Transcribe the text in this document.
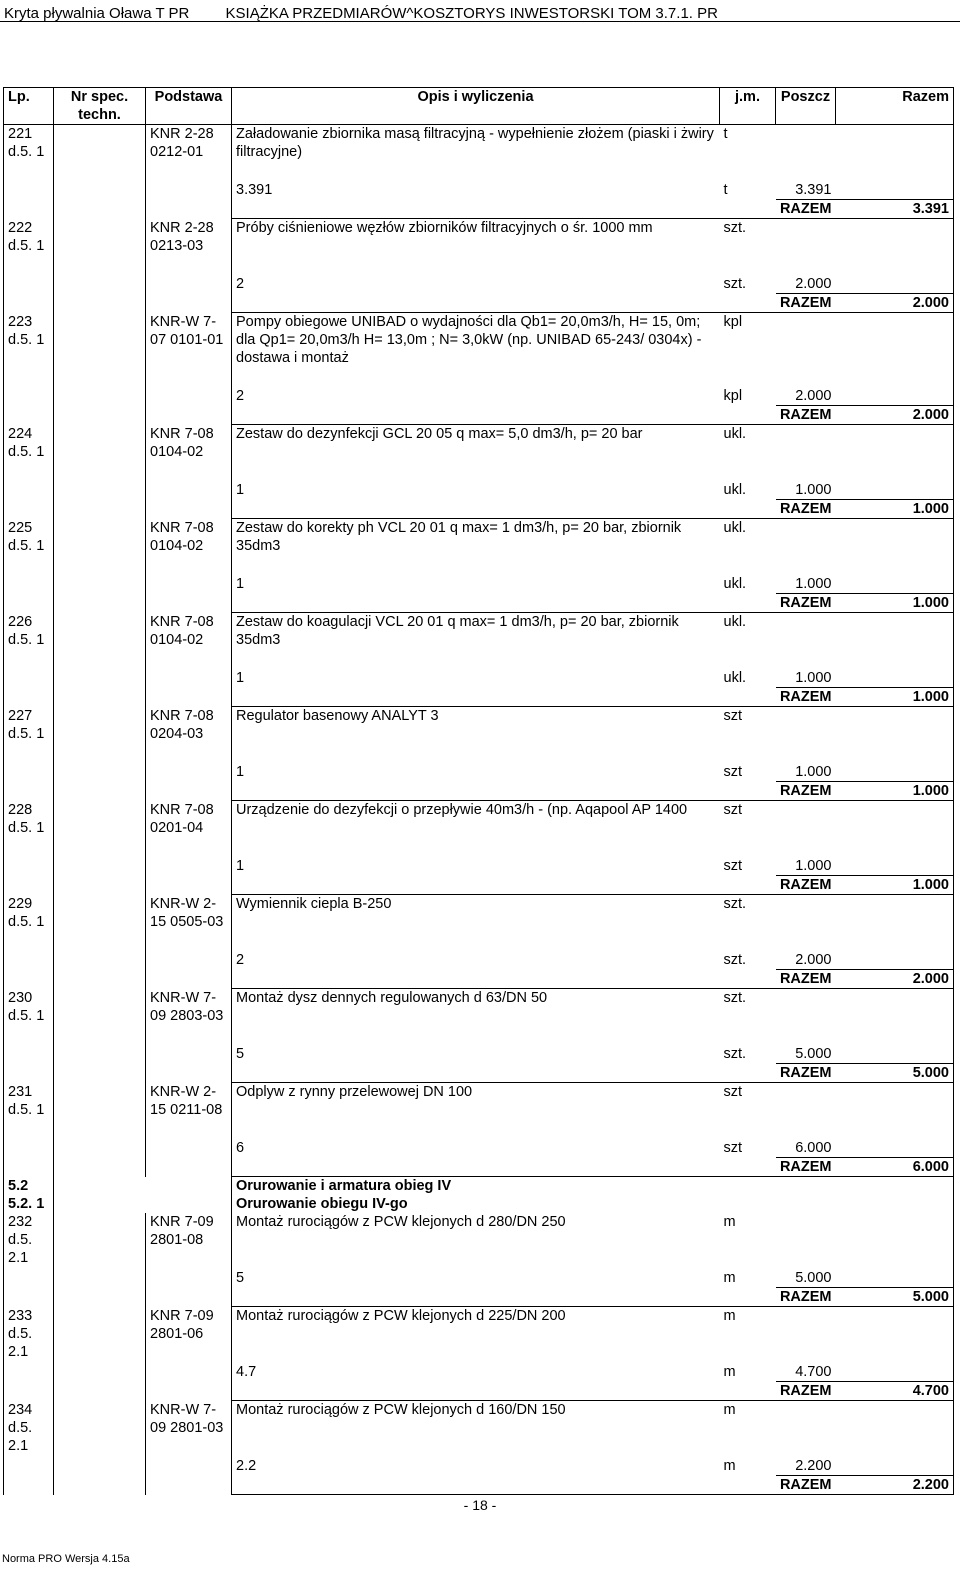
Kryta pływalnia Oława T PR KSIĄŻKA PRZEDMIARÓW^KOSZTORYS INWESTORSKI TOM 3.7.1. PR
Lp.	Nr spec. techn.	Podstawa	Opis i wyliczenia	j.m.	Poszcz	Razem
221 d.5. 1		KNR 2-28 0212-01	Załadowanie zbiornika masą filtracyjną - wypełnienie złożem (piaski i żwiry filtracyjne)	t		
			3.391	t	3.391	
					RAZEM	3.391
222 d.5. 1		KNR 2-28 0213-03	Próby ciśnieniowe węzłów zbiorników filtracyjnych o śr. 1000 mm	szt.		
			2	szt.	2.000	
					RAZEM	2.000
223 d.5. 1		KNR-W 7-07 0101-01	Pompy obiegowe UNIBAD o wydajności dla Qb1= 20,0m3/h, H= 15, 0m; dla Qp1= 20,0m3/h H= 13,0m ; N= 3,0kW (np. UNIBAD 65-243/ 0304x) -dostawa i montaż	kpl		
			2	kpl	2.000	
					RAZEM	2.000
224 d.5. 1		KNR 7-08 0104-02	Zestaw do dezynfekcji GCL 20 05 q max= 5,0 dm3/h, p= 20 bar	ukl.		
			1	ukl.	1.000	
					RAZEM	1.000
225 d.5. 1		KNR 7-08 0104-02	Zestaw do korekty ph VCL 20 01 q max= 1 dm3/h, p= 20 bar, zbiornik 35dm3	ukl.		
			1	ukl.	1.000	
					RAZEM	1.000
226 d.5. 1		KNR 7-08 0104-02	Zestaw do koagulacji VCL 20 01 q max= 1 dm3/h, p= 20 bar, zbiornik 35dm3	ukl.		
			1	ukl.	1.000	
					RAZEM	1.000
227 d.5. 1		KNR 7-08 0204-03	Regulator basenowy ANALYT 3	szt		
			1	szt	1.000	
					RAZEM	1.000
228 d.5. 1		KNR 7-08 0201-04	Urządzenie do dezyfekcji o przepływie 40m3/h - (np. Aqapool AP 1400	szt		
			1	szt	1.000	
					RAZEM	1.000
229 d.5. 1		KNR-W 2-15 0505-03	Wymiennik ciepla B-250	szt.		
			2	szt.	2.000	
					RAZEM	2.000
230 d.5. 1		KNR-W 7-09 2803-03	Montaż dysz dennych regulowanych d 63/DN 50	szt.		
			5	szt.	5.000	
					RAZEM	5.000
231 d.5. 1		KNR-W 2-15 0211-08	Odplyw z rynny przelewowej DN 100	szt		
			6	szt	6.000	
					RAZEM	6.000
5.2			Orurowanie i armatura obieg IV			
5.2. 1			Orurowanie obiegu IV-go			
232 d.5. 2.1		KNR 7-09 2801-08	Montaż rurociągów z PCW klejonych d 280/DN 250	m		
			5	m	5.000	
					RAZEM	5.000
233 d.5. 2.1		KNR 7-09 2801-06	Montaż rurociągów z PCW klejonych d 225/DN 200	m		
			4.7	m	4.700	
					RAZEM	4.700
234 d.5. 2.1		KNR-W 7-09 2801-03	Montaż rurociągów z PCW klejonych d 160/DN 150	m		
			2.2	m	2.200	
					RAZEM	2.200
- 18 -
Norma PRO Wersja 4.15a
